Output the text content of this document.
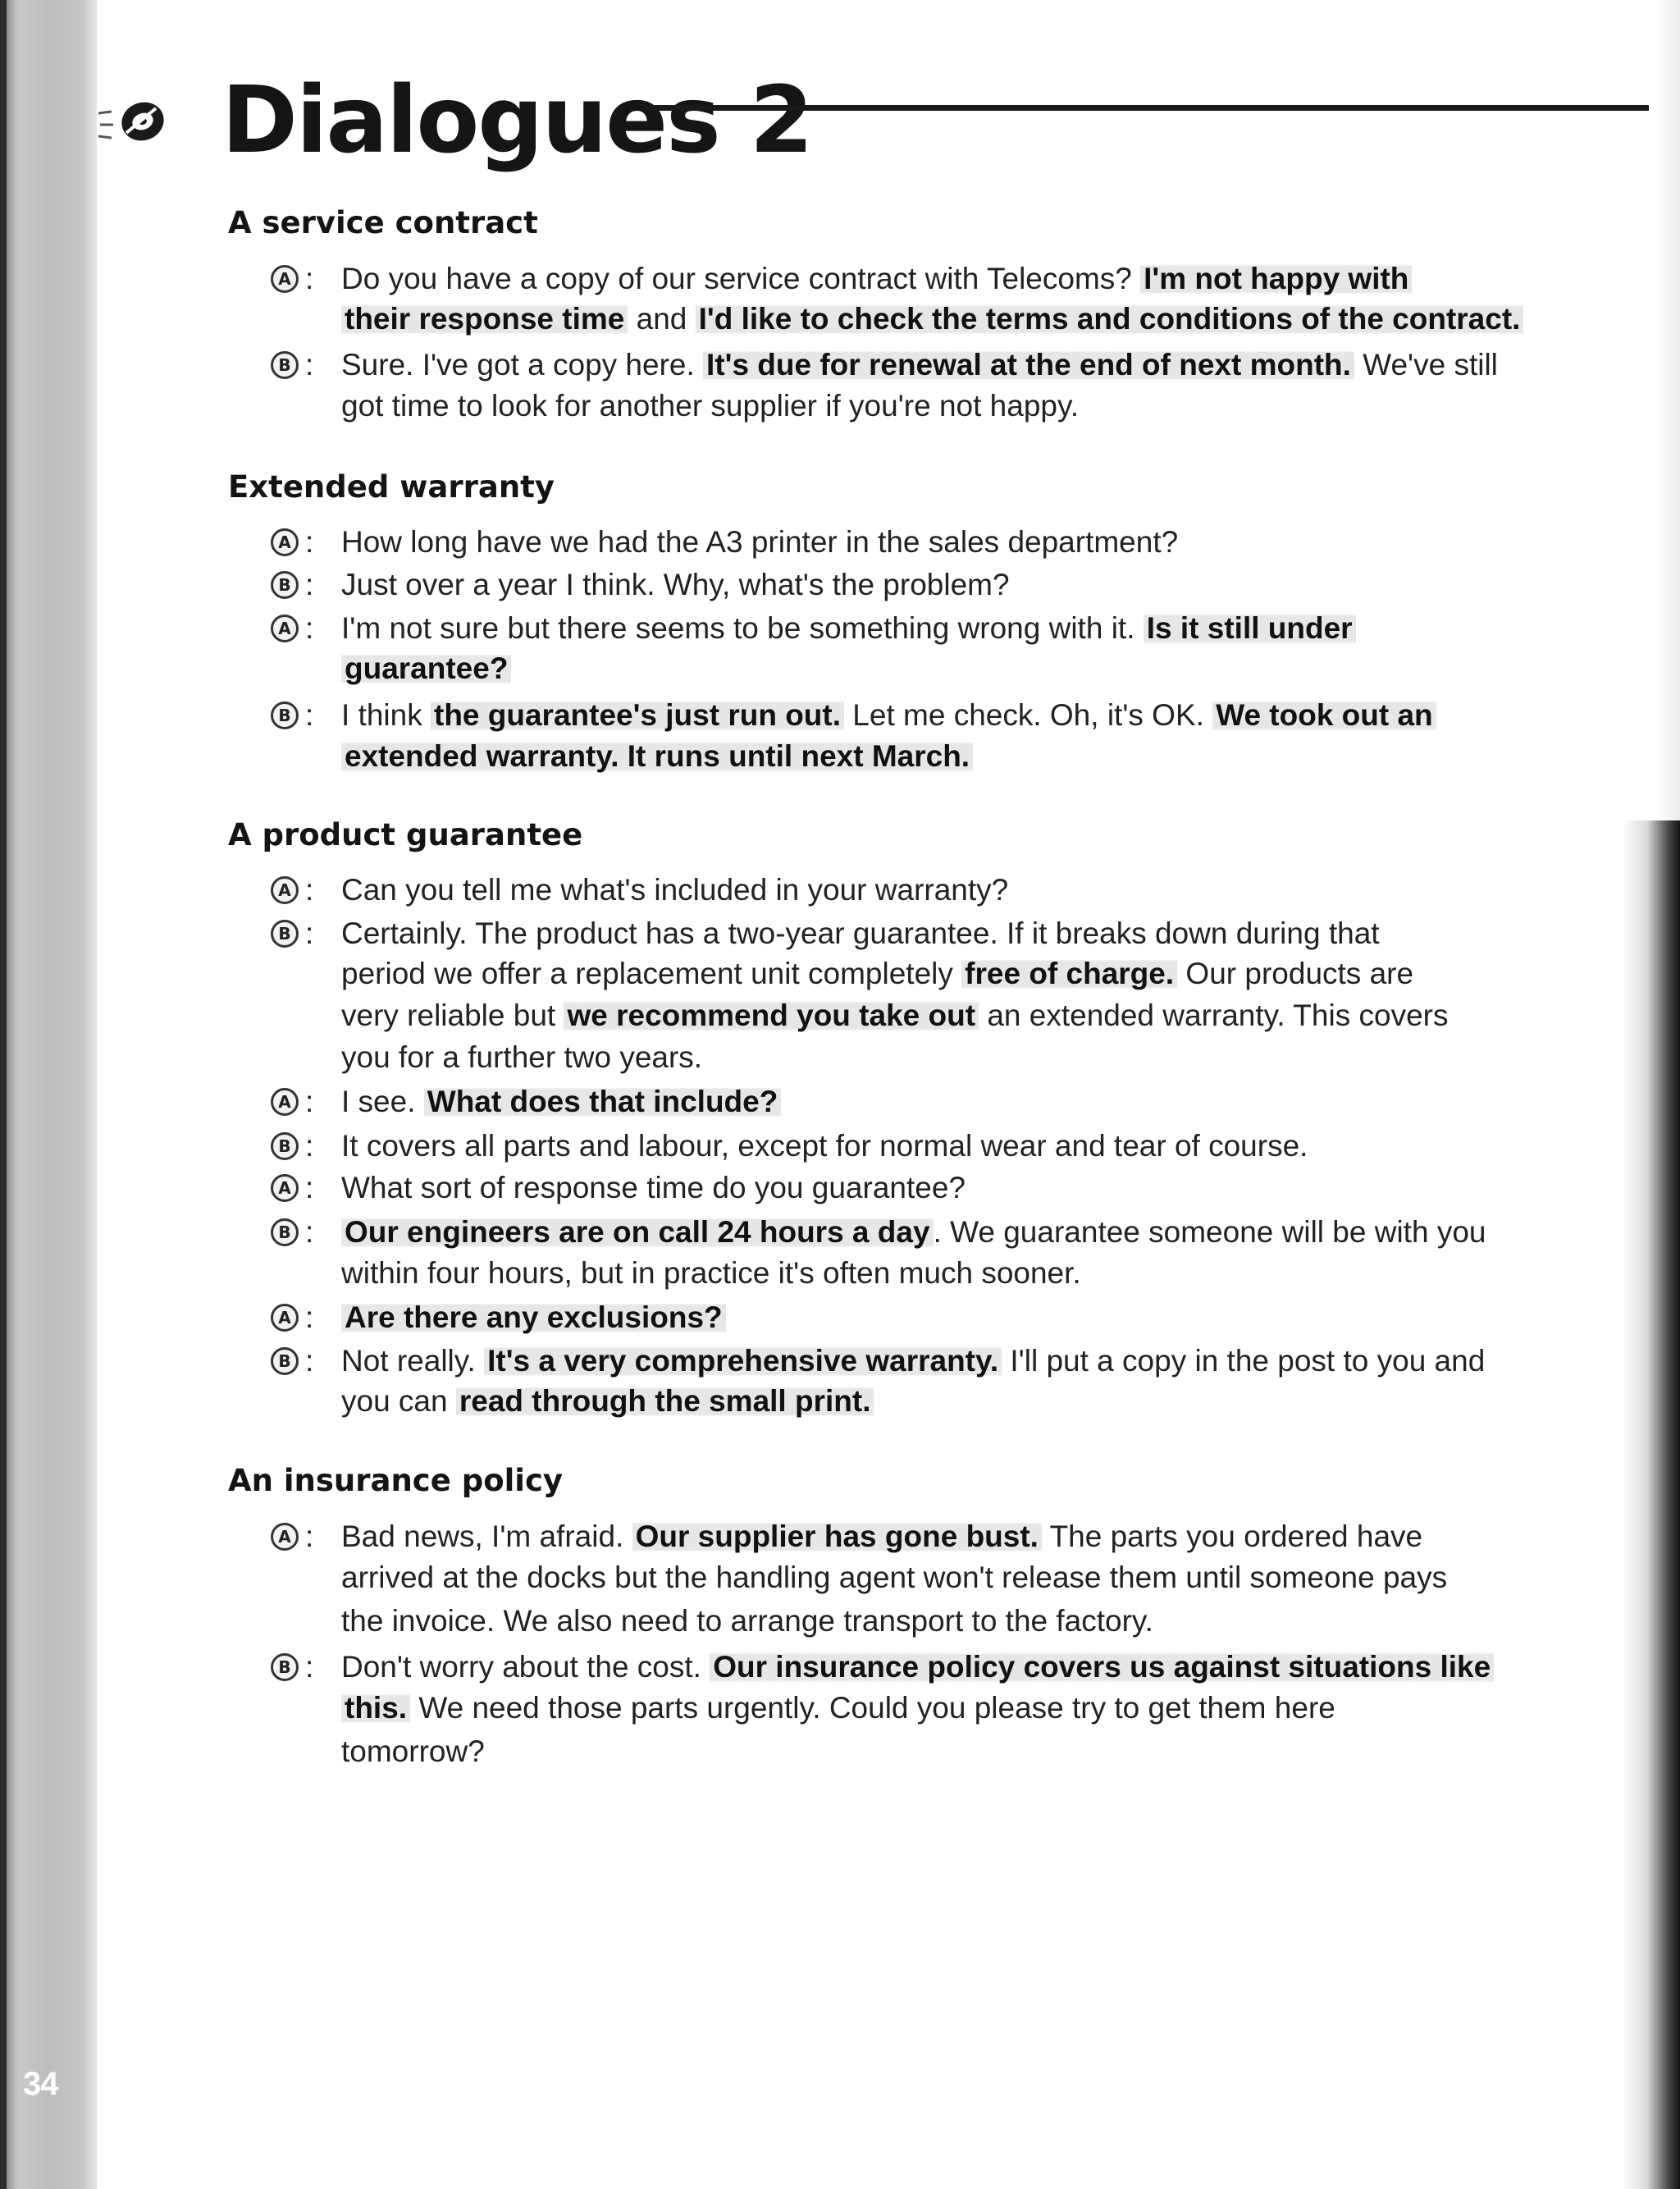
34
Dialogues 2
A service contract
A : Do you have a copy of our service contract with Telecoms? I'm not happy with
their response time and I'd like to check the terms and conditions of the contract.
B : Sure. I've got a copy here. It's due for renewal at the end of next month. We've still
got time to look for another supplier if you're not happy.
Extended warranty
A : How long have we had the A3 printer in the sales department?
B : Just over a year I think. Why, what's the problem?
A : I'm not sure but there seems to be something wrong with it. Is it still under
guarantee?
B : I think the guarantee's just run out. Let me check. Oh, it's OK. We took out an
extended warranty. It runs until next March.
A product guarantee
A : Can you tell me what's included in your warranty?
B : Certainly. The product has a two-year guarantee. If it breaks down during that
period we offer a replacement unit completely free of charge. Our products are
very reliable but we recommend you take out an extended warranty. This covers
you for a further two years.
A : I see. What does that include?
B : It covers all parts and labour, except for normal wear and tear of course.
A : What sort of response time do you guarantee?
B : Our engineers are on call 24 hours a day . We guarantee someone will be with you
within four hours, but in practice it's often much sooner.
A : Are there any exclusions?
B : Not really. It's a very comprehensive warranty. I'll put a copy in the post to you and
you can read through the small print.
An insurance policy
A : Bad news, I'm afraid. Our supplier has gone bust. The parts you ordered have
arrived at the docks but the handling agent won't release them until someone pays
the invoice. We also need to arrange transport to the factory.
B : Don't worry about the cost. Our insurance policy covers us against situations like
this. We need those parts urgently. Could you please try to get them here
tomorrow?
